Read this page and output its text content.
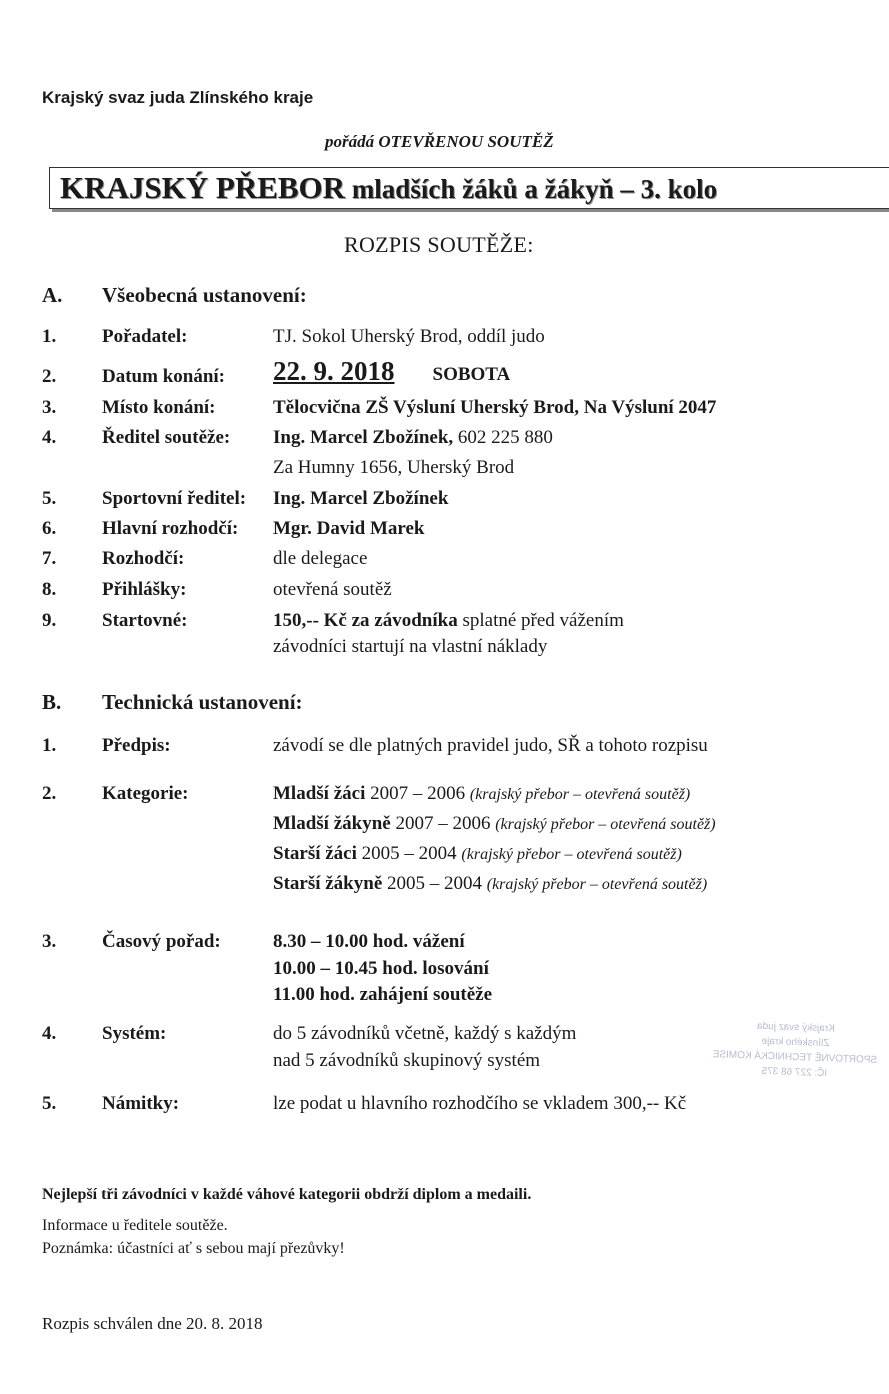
Krajský svaz juda Zlínského kraje
pořádá OTEVŘENOU SOUTĚŽ
KRAJSKÝ PŘEBOR mladších žáků a žákyň – 3. kolo
ROZPIS SOUTĚŽE:
A. Všeobecná ustanovení:
1. Pořadatel:	TJ. Sokol Uherský Brod, oddíl judo
2. Datum konání: 22. 9. 2018 SOBOTA
3. Místo konání:	Tělocvična ZŠ Výsluní Uherský Brod, Na Výsluní 2047
4. Ředitel soutěže: Ing. Marcel Zbožínek, 602 225 880
Za Humny 1656, Uherský Brod
5. Sportovní ředitel: Ing. Marcel Zbožínek
6. Hlavní rozhodčí: Mgr. David Marek
7. Rozhodčí:	dle delegace
8. Přihlášky:	otevřená soutěž
9. Startovné:	150,-- Kč za závodníka splatné před vážením
závodníci startují na vlastní náklady
B. Technická ustanovení:
1. Předpis:	závodí se dle platných pravidel judo, SŘ a tohoto rozpisu
2. Kategorie:	Mladší žáci 2007 – 2006 (krajský přebor – otevřená soutěž)
Mladší žákyně 2007 – 2006 (krajský přebor – otevřená soutěž)
Starší žáci 2005 – 2004 (krajský přebor – otevřená soutěž)
Starší žákyně 2005 – 2004 (krajský přebor – otevřená soutěž)
3. Časový pořad:	8.30 – 10.00 hod. vážení
10.00 – 10.45 hod. losování
11.00 hod. zahájení soutěže
4. Systém:	do 5 závodníků včetně, každý s každým
nad 5 závodníků skupinový systém
5. Námitky:	lze podat u hlavního rozhodčího se vkladem 300,-- Kč
Krajský svaz juda
Zlínského kraje
SPORTOVNĚ TECHNICKÁ KOMISE
IČ: 227 68 375
Nejlepší tři závodníci v každé váhové kategorii obdrží diplom a medaili.
Informace u ředitele soutěže.
Poznámka: účastníci ať s sebou mají přezůvky!
Rozpis schválen dne 20. 8. 2018
